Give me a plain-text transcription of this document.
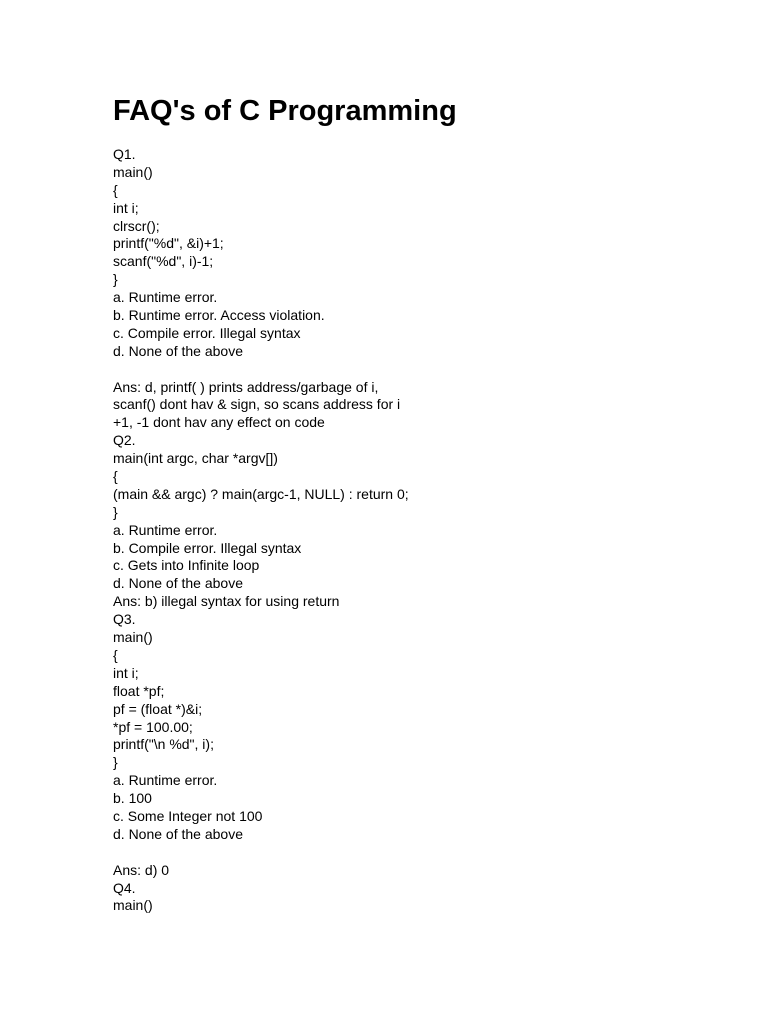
FAQ's of C Programming
Q1.
main()
{
int i;
clrscr();
printf("%d", &i)+1;
scanf("%d", i)-1;
}
a. Runtime error.
b. Runtime error. Access violation.
c. Compile error. Illegal syntax
d. None of the above
Ans: d, printf( ) prints address/garbage of i,
scanf() dont hav & sign, so scans address for i
+1, -1 dont hav any effect on code
Q2.
main(int argc, char *argv[])
{
(main && argc) ? main(argc-1, NULL) : return 0;
}
a. Runtime error.
b. Compile error. Illegal syntax
c. Gets into Infinite loop
d. None of the above
Ans: b) illegal syntax for using return
Q3.
main()
{
int i;
float *pf;
pf = (float *)&i;
*pf = 100.00;
printf("\n %d", i);
}
a. Runtime error.
b. 100
c. Some Integer not 100
d. None of the above
Ans: d) 0
Q4.
main()
